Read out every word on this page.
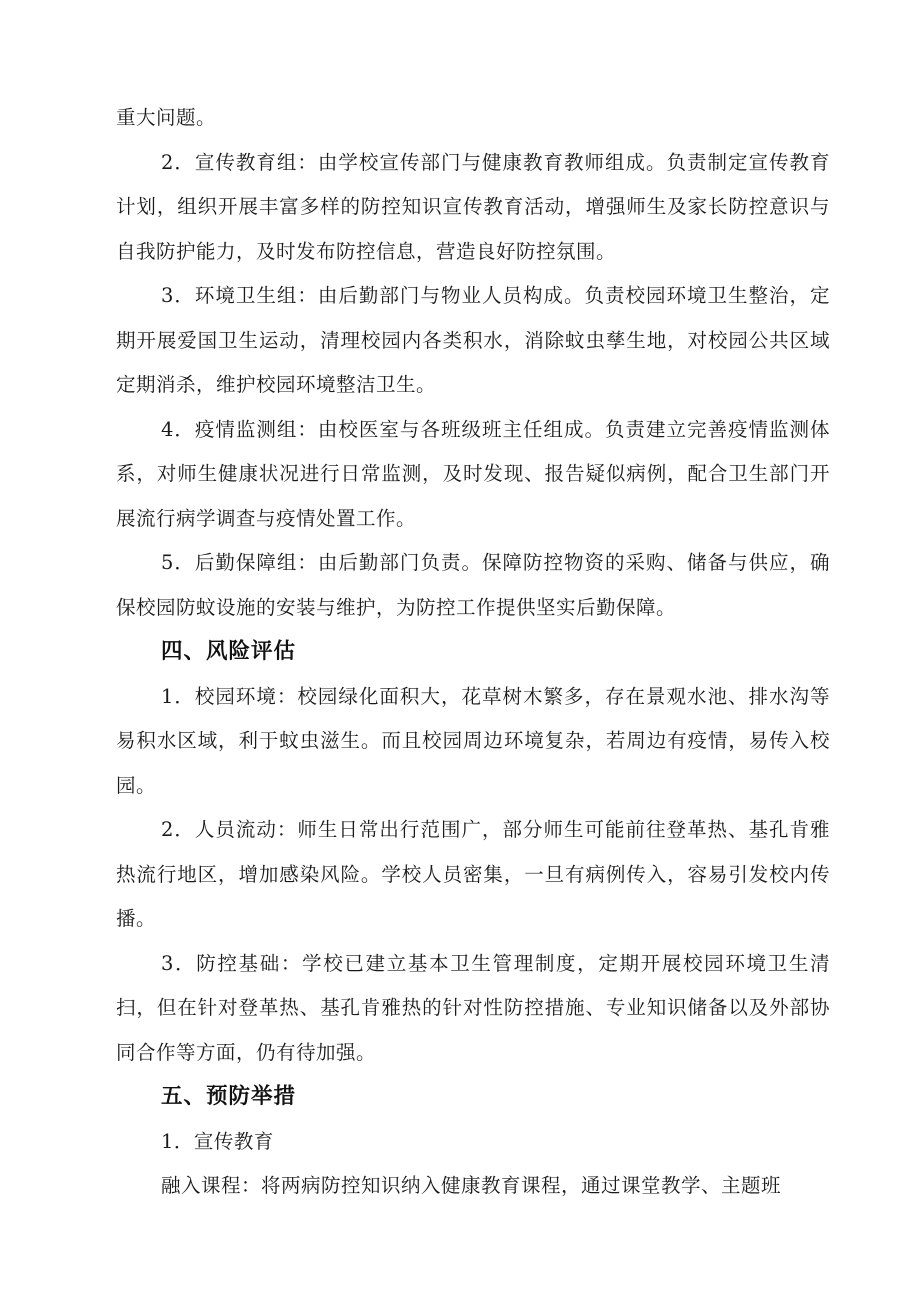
重大问题。

2．宣传教育组：由学校宣传部门与健康教育教师组成。负责制定宣传教育计划，组织开展丰富多样的防控知识宣传教育活动，增强师生及家长防控意识与自我防护能力，及时发布防控信息，营造良好防控氛围。

3．环境卫生组：由后勤部门与物业人员构成。负责校园环境卫生整治，定期开展爱国卫生运动，清理校园内各类积水，消除蚊虫孳生地，对校园公共区域定期消杀，维护校园环境整洁卫生。

4．疫情监测组：由校医室与各班级班主任组成。负责建立完善疫情监测体系，对师生健康状况进行日常监测，及时发现、报告疑似病例，配合卫生部门开展流行病学调查与疫情处置工作。

5．后勤保障组：由后勤部门负责。保障防控物资的采购、储备与供应，确保校园防蚊设施的安装与维护，为防控工作提供坚实后勤保障。

四、风险评估

1．校园环境：校园绿化面积大，花草树木繁多，存在景观水池、排水沟等易积水区域，利于蚊虫滋生。而且校园周边环境复杂，若周边有疫情，易传入校园。

2．人员流动：师生日常出行范围广，部分师生可能前往登革热、基孔肯雅热流行地区，增加感染风险。学校人员密集，一旦有病例传入，容易引发校内传播。

3．防控基础：学校已建立基本卫生管理制度，定期开展校园环境卫生清扫，但在针对登革热、基孔肯雅热的针对性防控措施、专业知识储备以及外部协同合作等方面，仍有待加强。

五、预防举措

1．宣传教育

融入课程：将两病防控知识纳入健康教育课程，通过课堂教学、主题班
